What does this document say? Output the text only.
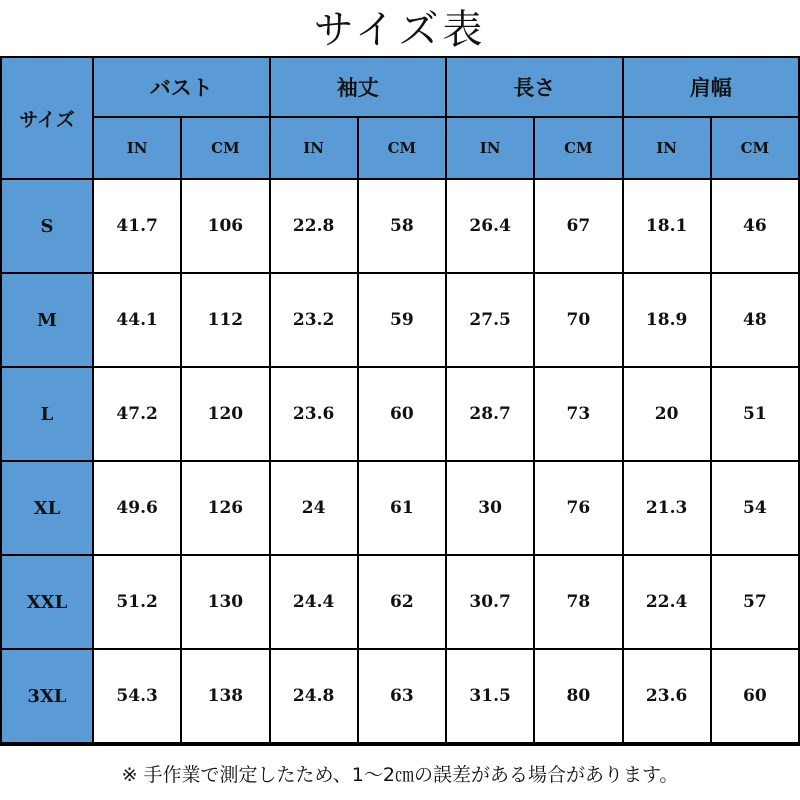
サイズ表
サイズ	バスト		袖丈		長さ		肩幅	
	IN	CM	IN	CM	IN	CM	IN	CM
S	41.7	106	22.8	58	26.4	67	18.1	46
M	44.1	112	23.2	59	27.5	70	18.9	48
L	47.2	120	23.6	60	28.7	73	20	51
XL	49.6	126	24	61	30	76	21.3	54
XXL	51.2	130	24.4	62	30.7	78	22.4	57
3XL	54.3	138	24.8	63	31.5	80	23.6	60
※ 手作業で測定したため、1〜2㎝の誤差がある場合があります。
